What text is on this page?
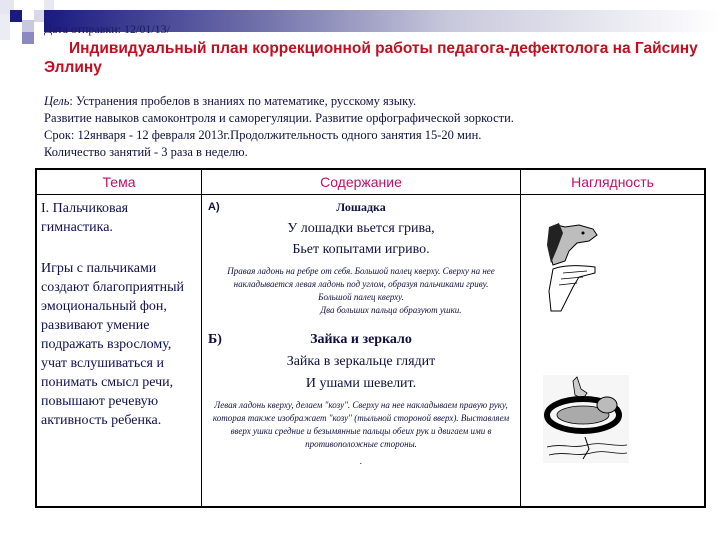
Дата отправки: 12/01/13/
Индивидуальный план коррекционной работы педагога-дефектолога на Гайсину Эллину
Цель: Устранения пробелов в знаниях по математике, русскому языку.
Развитие навыков самоконтроля и саморегуляции. Развитие орфографической зоркости.
Срок: 12января - 12 февраля 2013г.Продолжительность одного занятия 15-20 мин.
Количество занятий - 3 раза в неделю.
Тема	Содержание	Наглядность

I. Пальчиковая гимнастика.

Игры с пальчиками создают благоприятный эмоциональный фон, развивают умение подражать взрослому, учат вслушиваться и понимать смысл речи, повышают речевую активность ребенка.

А)	Лошадка
У лошадки вьется грива,
Бьет копытами игриво.
Правая ладонь на ребре от себя. Большой палец кверху. Сверху на нее накладывается левая ладонь под углом, образуя пальчиками гриву.
Большой палец кверху.
Два больших пальца образуют ушки.
Б)	Зайка и зеркало
Зайка в зеркальце глядит
И ушами шевелит.
Левая ладонь кверху, делаем "козу". Сверху на нее накладываем правую руку, которая также изображает "козу" (тыльной стороной вверх). Выставляем вверх ушки средние и безымянные пальцы обеих рук и двигаем ими в противоположные стороны.
.
